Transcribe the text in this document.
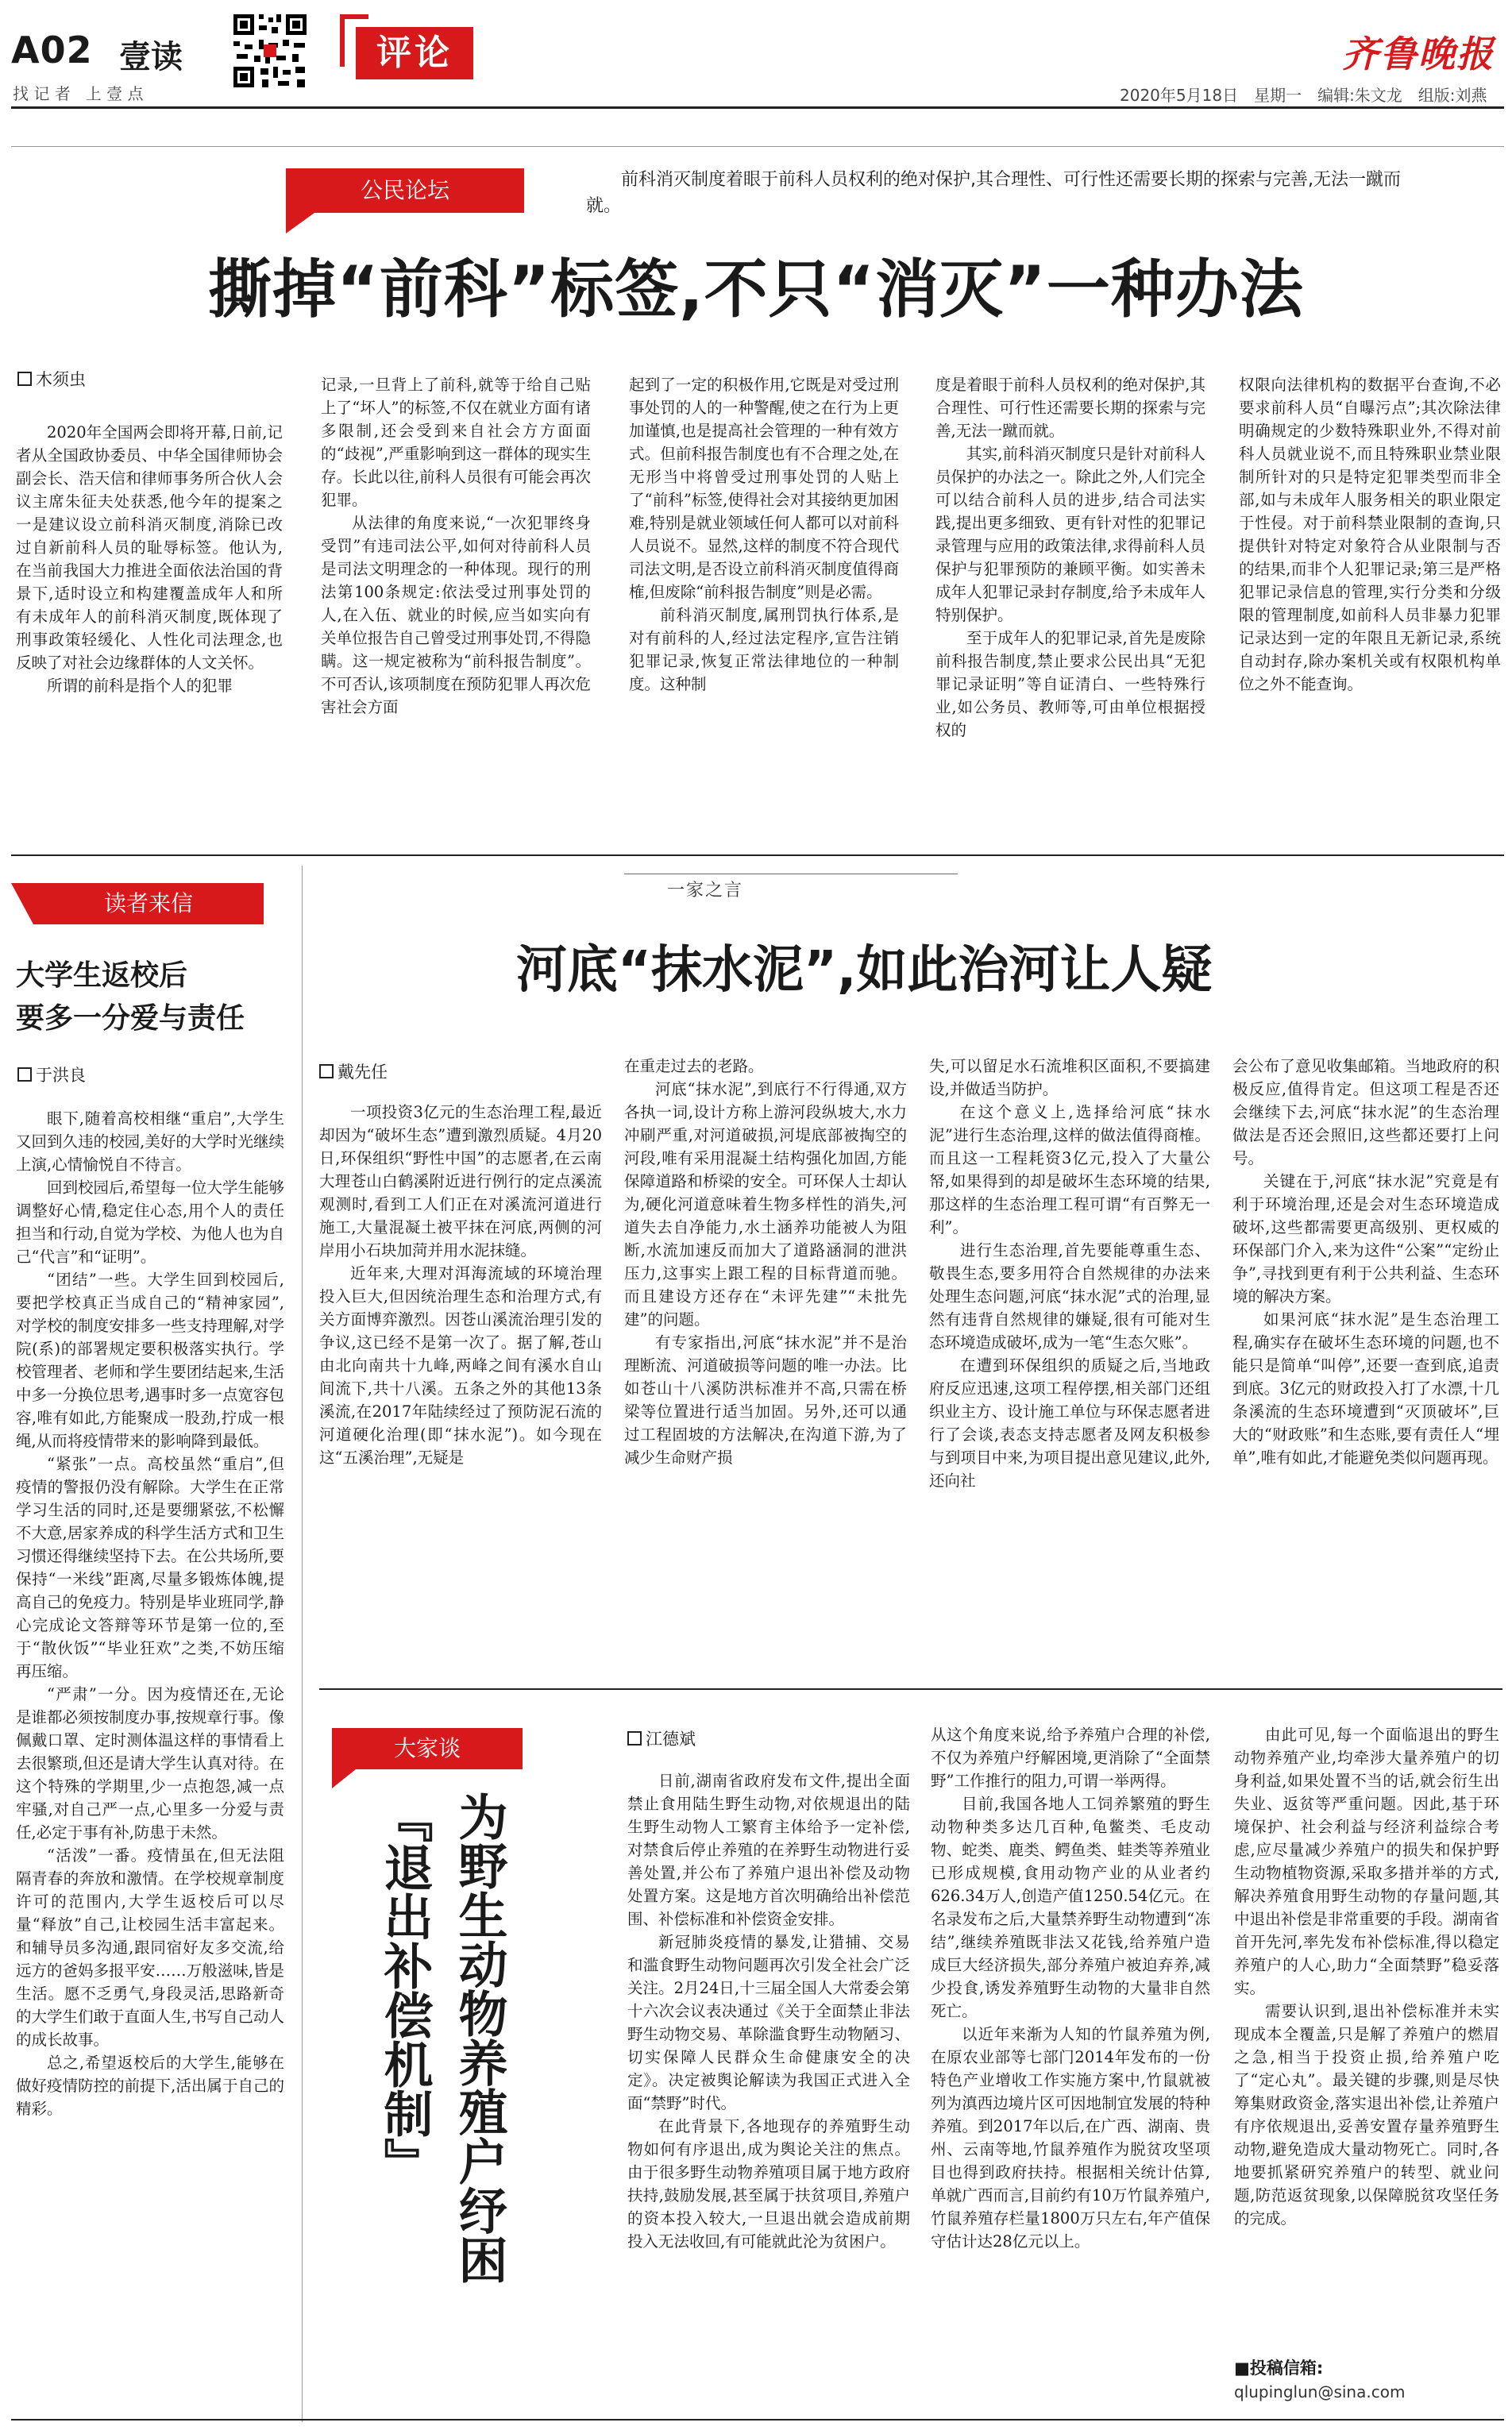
A02 壹读
找 记 者   上 壹 点
评论	齐鲁晚报
2020年5月18日　星期一　编辑:朱文龙　组版:刘燕
公民论坛	前科消灭制度着眼于前科人员权利的绝对保护,其合理性、可行性还需要长期的探索与完善,无法一蹴而就。
撕掉“前科”标签,不只“消灭”一种办法
木须虫

2020年全国两会即将开幕,日前,记者从全国政协委员、中华全国律师协会副会长、浩天信和律师事务所合伙人会议主席朱征夫处获悉,他今年的提案之一是建议设立前科消灭制度,消除已改过自新前科人员的耻辱标签。他认为,在当前我国大力推进全面依法治国的背景下,适时设立和构建覆盖成年人和所有未成年人的前科消灭制度,既体现了刑事政策轻缓化、人性化司法理念,也反映了对社会边缘群体的人文关怀。

所谓的前科是指个人的犯罪

记录,一旦背上了前科,就等于给自己贴上了“坏人”的标签,不仅在就业方面有诸多限制,还会受到来自社会方方面面的“歧视”,严重影响到这一群体的现实生存。长此以往,前科人员很有可能会再次犯罪。

从法律的角度来说,“一次犯罪终身受罚”有违司法公平,如何对待前科人员是司法文明理念的一种体现。现行的刑法第100条规定:依法受过刑事处罚的人,在入伍、就业的时候,应当如实向有关单位报告自己曾受过刑事处罚,不得隐瞒。这一规定被称为“前科报告制度”。不可否认,该项制度在预防犯罪人再次危害社会方面

起到了一定的积极作用,它既是对受过刑事处罚的人的一种警醒,使之在行为上更加谨慎,也是提高社会管理的一种有效方式。但前科报告制度也有不合理之处,在无形当中将曾受过刑事处罚的人贴上了“前科”标签,使得社会对其接纳更加困难,特别是就业领域任何人都可以对前科人员说不。显然,这样的制度不符合现代司法文明,是否设立前科消灭制度值得商榷,但废除“前科报告制度”则是必需。

前科消灭制度,属刑罚执行体系,是对有前科的人,经过法定程序,宣告注销犯罪记录,恢复正常法律地位的一种制度。这种制

度是着眼于前科人员权利的绝对保护,其合理性、可行性还需要长期的探索与完善,无法一蹴而就。

其实,前科消灭制度只是针对前科人员保护的办法之一。除此之外,人们完全可以结合前科人员的进步,结合司法实践,提出更多细致、更有针对性的犯罪记录管理与应用的政策法律,求得前科人员保护与犯罪预防的兼顾平衡。如实善未成年人犯罪记录封存制度,给予未成年人特别保护。

至于成年人的犯罪记录,首先是废除前科报告制度,禁止要求公民出具“无犯罪记录证明”等自证清白、一些特殊行业,如公务员、教师等,可由单位根据授权的

权限向法律机构的数据平台查询,不必要求前科人员“自曝污点”;其次除法律明确规定的少数特殊职业外,不得对前科人员就业说不,而且特殊职业禁业限制所针对的只是特定犯罪类型而非全部,如与未成年人服务相关的职业限定于性侵。对于前科禁业限制的查询,只提供针对特定对象符合从业限制与否的结果,而非个人犯罪记录;第三是严格犯罪记录信息的管理,实行分类和分级限的管理制度,如前科人员非暴力犯罪记录达到一定的年限且无新记录,系统自动封存,除办案机关或有权限机构单位之外不能查询。

读者来信
大学生返校后
要多一分爱与责任
于洪良

眼下,随着高校相继“重启”,大学生又回到久违的校园,美好的大学时光继续上演,心情愉悦自不待言。

回到校园后,希望每一位大学生能够调整好心情,稳定住心态,用个人的责任担当和行动,自觉为学校、为他人也为自己“代言”和“证明”。

“团结”一些。大学生回到校园后,要把学校真正当成自己的“精神家园”,对学校的制度安排多一些支持理解,对学院(系)的部署规定要积极落实执行。学校管理者、老师和学生要团结起来,生活中多一分换位思考,遇事时多一点宽容包容,唯有如此,方能聚成一股劲,拧成一根绳,从而将疫情带来的影响降到最低。

“紧张”一点。高校虽然“重启”,但疫情的警报仍没有解除。大学生在正常学习生活的同时,还是要绷紧弦,不松懈不大意,居家养成的科学生活方式和卫生习惯还得继续坚持下去。在公共场所,要保持“一米线”距离,尽量多锻炼体魄,提高自己的免疫力。特别是毕业班同学,静心完成论文答辩等环节是第一位的,至于“散伙饭”“毕业狂欢”之类,不妨压缩再压缩。

“严肃”一分。因为疫情还在,无论是谁都必须按制度办事,按规章行事。像佩戴口罩、定时测体温这样的事情看上去很繁琐,但还是请大学生认真对待。在这个特殊的学期里,少一点抱怨,减一点牢骚,对自己严一点,心里多一分爱与责任,必定于事有补,防患于未然。

“活泼”一番。疫情虽在,但无法阻隔青春的奔放和激情。在学校规章制度许可的范围内,大学生返校后可以尽量“释放”自己,让校园生活丰富起来。和辅导员多沟通,跟同宿好友多交流,给远方的爸妈多报平安……万般滋味,皆是生活。愿不乏勇气,身段灵活,思路新奇的大学生们敢于直面人生,书写自己动人的成长故事。

总之,希望返校后的大学生,能够在做好疫情防控的前提下,活出属于自己的精彩。

一家之言
河底“抹水泥”,如此治河让人疑
戴先任

一项投资3亿元的生态治理工程,最近却因为“破坏生态”遭到激烈质疑。4月20日,环保组织“野性中国”的志愿者,在云南大理苍山白鹤溪附近进行例行的定点溪流观测时,看到工人们正在对溪流河道进行施工,大量混凝土被平抹在河底,两侧的河岸用小石块加菏并用水泥抹缝。

近年来,大理对洱海流域的环境治理投入巨大,但因统治理生态和治理方式,有关方面博弈激烈。因苍山溪流治理引发的争议,这已经不是第一次了。据了解,苍山由北向南共十九峰,两峰之间有溪水自山间流下,共十八溪。五条之外的其他13条溪流,在2017年陆续经过了预防泥石流的河道硬化治理(即“抹水泥”)。如今现在这“五溪治理”,无疑是

在重走过去的老路。

河底“抹水泥”,到底行不行得通,双方各执一词,设计方称上游河段纵坡大,水力冲刷严重,对河道破损,河堤底部被掏空的河段,唯有采用混凝土结构强化加固,方能保障道路和桥梁的安全。可环保人士却认为,硬化河道意味着生物多样性的消失,河道失去自净能力,水土涵养功能被人为阻断,水流加速反而加大了道路涵洞的泄洪压力,这事实上跟工程的目标背道而驰。而且建设方还存在“未评先建”“未批先建”的问题。

有专家指出,河底“抹水泥”并不是治理断流、河道破损等问题的唯一办法。比如苍山十八溪防洪标准并不高,只需在桥梁等位置进行适当加固。另外,还可以通过工程固坡的方法解决,在沟道下游,为了减少生命财产损

失,可以留足水石流堆积区面积,不要搞建设,并做适当防护。

在这个意义上,选择给河底“抹水泥”进行生态治理,这样的做法值得商榷。而且这一工程耗资3亿元,投入了大量公帑,如果得到的却是破坏生态环境的结果,那这样的生态治理工程可谓“有百弊无一利”。

进行生态治理,首先要能尊重生态、敬畏生态,要多用符合自然规律的办法来处理生态问题,河底“抹水泥”式的治理,显然有违背自然规律的嫌疑,很有可能对生态环境造成破坏,成为一笔“生态欠账”。

在遭到环保组织的质疑之后,当地政府反应迅速,这项工程停摆,相关部门还组织业主方、设计施工单位与环保志愿者进行了会谈,表态支持志愿者及网友积极参与到项目中来,为项目提出意见建议,此外,还向社

会公布了意见收集邮箱。当地政府的积极反应,值得肯定。但这项工程是否还会继续下去,河底“抹水泥”的生态治理做法是否还会照旧,这些都还要打上问号。

关键在于,河底“抹水泥”究竟是有利于环境治理,还是会对生态环境造成破坏,这些都需要更高级别、更权威的环保部门介入,来为这件“公案”“定纷止争”,寻找到更有利于公共利益、生态环境的解决方案。

如果河底“抹水泥”是生态治理工程,确实存在破坏生态环境的问题,也不能只是简单“叫停”,还要一查到底,追责到底。3亿元的财政投入打了水漂,十几条溪流的生态环境遭到“灭顶破坏”,巨大的“财政账”和生态账,要有责任人“埋单”,唯有如此,才能避免类似问题再现。

大家谈
为野生动物养殖户纾困
『退出补偿机制』
江德斌

日前,湖南省政府发布文件,提出全面禁止食用陆生野生动物,对依规退出的陆生野生动物人工繁育主体给予一定补偿,对禁食后停止养殖的在养野生动物进行妥善处置,并公布了养殖户退出补偿及动物处置方案。这是地方首次明确给出补偿范围、补偿标准和补偿资金安排。

新冠肺炎疫情的暴发,让猎捕、交易和滥食野生动物问题再次引发全社会广泛关注。2月24日,十三届全国人大常委会第十六次会议表决通过《关于全面禁止非法野生动物交易、革除滥食野生动物陋习、切实保障人民群众生命健康安全的决定》。决定被舆论解读为我国正式进入全面“禁野”时代。

在此背景下,各地现存的养殖野生动物如何有序退出,成为舆论关注的焦点。由于很多野生动物养殖项目属于地方政府扶持,鼓励发展,甚至属于扶贫项目,养殖户的资本投入较大,一旦退出就会造成前期投入无法收回,有可能就此沦为贫困户。

从这个角度来说,给予养殖户合理的补偿,不仅为养殖户纾解困境,更消除了“全面禁野”工作推行的阻力,可谓一举两得。

目前,我国各地人工饲养繁殖的野生动物种类多达几百种,龟鳖类、毛皮动物、蛇类、鹿类、鳄鱼类、蛙类等养殖业已形成规模,食用动物产业的从业者约626.34万人,创造产值1250.54亿元。在名录发布之后,大量禁养野生动物遭到“冻结”,继续养殖既非法又花钱,给养殖户造成巨大经济损失,部分养殖户被迫弃养,减少投食,诱发养殖野生动物的大量非自然死亡。

以近年来渐为人知的竹鼠养殖为例,在原农业部等七部门2014年发布的一份特色产业增收工作实施方案中,竹鼠就被列为滇西边境片区可因地制宜发展的特种养殖。到2017年以后,在广西、湖南、贵州、云南等地,竹鼠养殖作为脱贫攻坚项目也得到政府扶持。根据相关统计估算,单就广西而言,目前约有10万竹鼠养殖户,竹鼠养殖存栏量1800万只左右,年产值保守估计达28亿元以上。

由此可见,每一个面临退出的野生动物养殖产业,均牵涉大量养殖户的切身利益,如果处置不当的话,就会衍生出失业、返贫等严重问题。因此,基于环境保护、社会利益与经济利益综合考虑,应尽量减少养殖户的损失和保护野生动物植物资源,采取多措并举的方式,解决养殖食用野生动物的存量问题,其中退出补偿是非常重要的手段。湖南省首开先河,率先发布补偿标准,得以稳定养殖户的人心,助力“全面禁野”稳妥落实。

需要认识到,退出补偿标准并未实现成本全覆盖,只是解了养殖户的燃眉之急,相当于投资止损,给养殖户吃了“定心丸”。最关键的步骤,则是尽快筹集财政资金,落实退出补偿,让养殖户有序依规退出,妥善安置存量养殖野生动物,避免造成大量动物死亡。同时,各地要抓紧研究养殖户的转型、就业问题,防范返贫现象,以保障脱贫攻坚任务的完成。

■投稿信箱:
qlupinglun@sina.com
